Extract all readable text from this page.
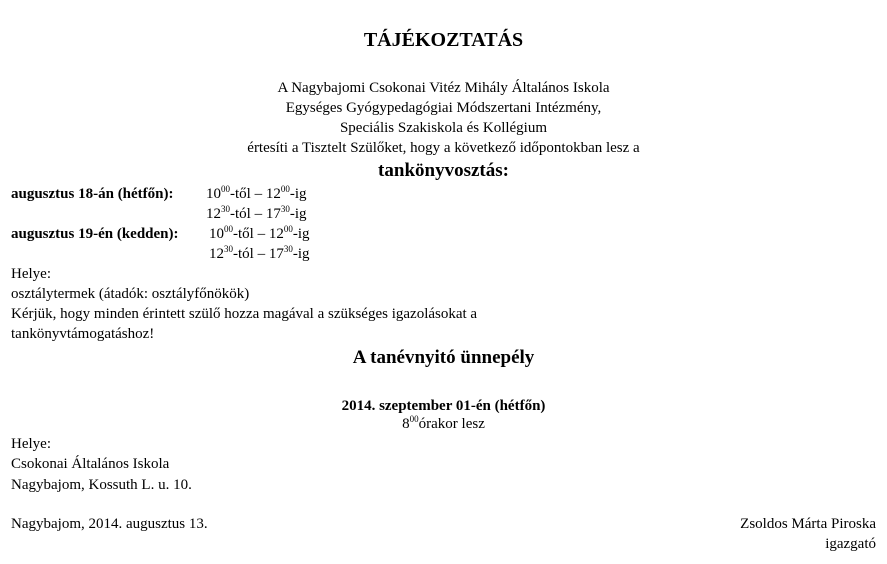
TÁJÉKOZTATÁS
A Nagybajomi Csokonai Vitéz Mihály Általános Iskola
Egységes Gyógypedagógiai Módszertani Intézmény,
Speciális Szakiskola és Kollégium
értesíti a Tisztelt Szülőket, hogy a következő időpontokban lesz a
tankönyvosztás:
augusztus 18-án (hétfőn): $10^{00}$-től – $12^{00}-ig$
$12^{30}$-tól – $17^{30}-ig$
augusztus 19-én (kedden): $10^{00}$-től – $12^{00}-ig$
$12^{30}$-tól – $17^{30}-ig$
Helye:
osztálytermek (átadók: osztályfőnökök)
Kérjük, hogy minden érintett szülő hozza magával a szükséges igazolásokat a
tankönyvtámogatáshoz!
A tanévnyitó ünnepély
2014. szeptember 01-én (hétfőn)
$8^{00}órakor$ lesz
Helye:
Csokonai Általános Iskola
Nagybajom, Kossuth L. u. 10.
Nagybajom, 2014. augusztus 13.	Zsoldos Márta Piroska
igazgató
